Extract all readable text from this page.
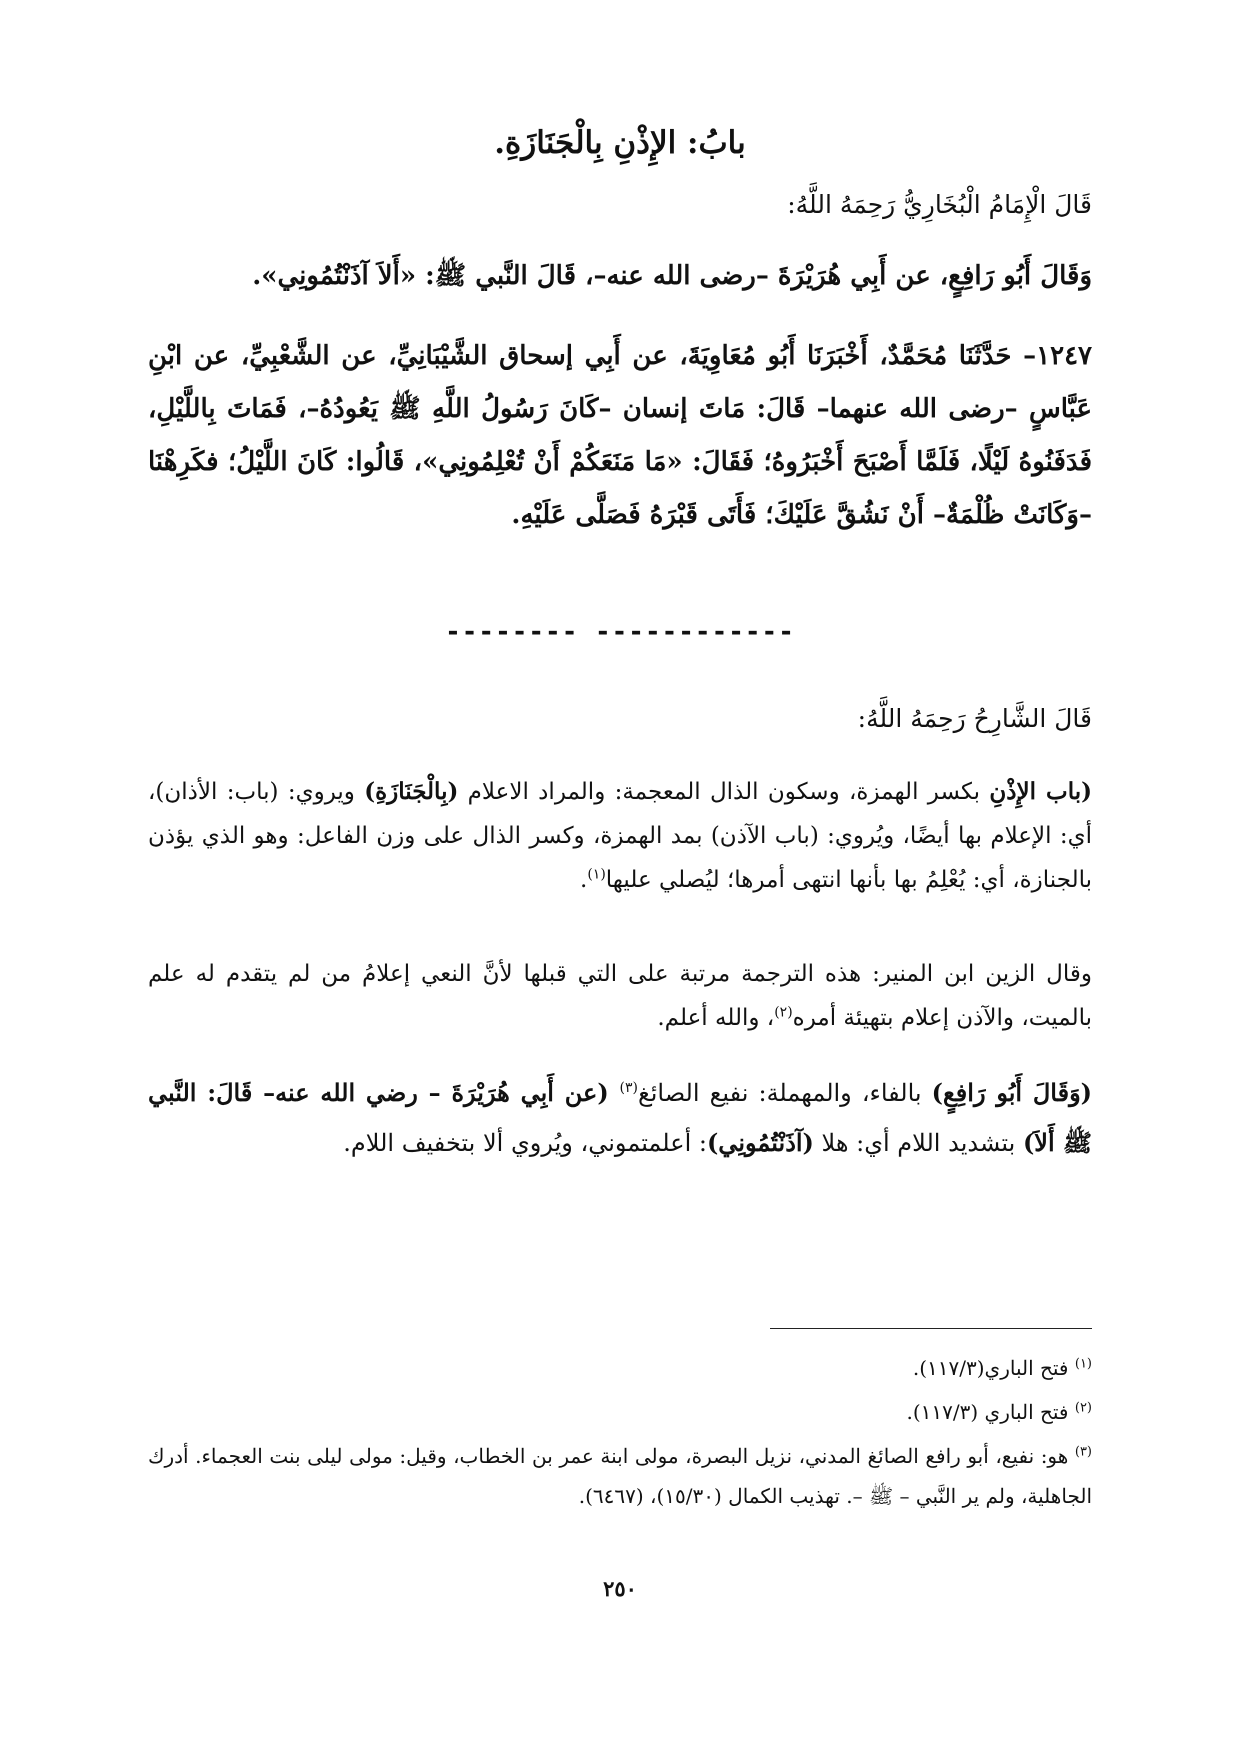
بابُ: الإِذْنِ بِالْجَنَازَةِ.
قَالَ الْإِمَامُ الْبُخَارِيُّ رَحِمَهُ اللَّهُ:
وَقَالَ أَبُو رَافِعٍ، عن أَبِي هُرَيْرَةَ –رضى الله عنه–، قَالَ النَّبي ﷺ: «أَلاَ آذَنْتُمُونِي».
١٢٤٧– حَدَّثَنَا مُحَمَّدٌ، أَخْبَرَنَا أَبُو مُعَاوِيَةَ، عن أَبِي إسحاق الشَّيْبَانِيِّ، عن الشَّعْبِيِّ، عن ابْنِ عَبَّاسٍ –رضى الله عنهما– قَالَ: مَاتَ إنسان –كَانَ رَسُولُ اللَّهِ ﷺ يَعُودُهُ–، فَمَاتَ بِاللَّيْلِ، فَدَفَنُوهُ لَيْلًا، فَلَمَّا أَصْبَحَ أَخْبَرُوهُ؛ فَقَالَ: «مَا مَنَعَكُمْ أَنْ تُعْلِمُونِي»، قَالُوا: كَانَ اللَّيْلُ؛ فكَرِهْنَا –وَكَانَتْ ظُلْمَةٌ– أَنْ نَشُقَّ عَلَيْكَ؛ فَأَتَى قَبْرَهُ فَصَلَّى عَلَيْهِ.
-------- ------------
قَالَ الشَّارِحُ رَحِمَهُ اللَّهُ:
(باب الإِذْنِ بكسر الهمزة، وسكون الذال المعجمة: والمراد الاعلام (بِالْجَنَازَةِ) ويروي: (باب: الأذان)، أي: الإعلام بها أيضًا، ويُروي: (باب الآذن) بمد الهمزة، وكسر الذال على وزن الفاعل: وهو الذي يؤذن بالجنازة، أي: يُعْلِمُ بها بأنها انتهى أمرها؛ ليُصلي عليها$^{(١)}$.
وقال الزين ابن المنير: هذه الترجمة مرتبة على التي قبلها لأنَّ النعي إعلامُ من لم يتقدم له علم بالميت، والآذن إعلام بتهيئة أمره$^{(٢)}$، والله أعلم.
(وَقَالَ أَبُو رَافِعٍ) بالفاء، والمهملة: نفيع الصائغ$^{(٣)}$ (عن أَبِي هُرَيْرَةَ – رضي الله عنه– قَالَ: النَّبي ﷺ أَلاَ) بتشديد اللام أي: هلا (آذَنْتُمُونِي): أعلمتموني، ويُروي ألا بتخفيف اللام.
$^{(١)}$ فتح الباري(١١٧/٣).
$^{(٢)}$ فتح الباري (١١٧/٣).
$^{(٣)}$ هو: نفيع، أبو رافع الصائغ المدني، نزيل البصرة، مولى ابنة عمر بن الخطاب، وقيل: مولى ليلى بنت العجماء. أدرك الجاهلية، ولم ير النَّبي – ﷺ –. تهذيب الكمال (١٥/٣٠)، (٦٤٦٧).
٢٥٠
